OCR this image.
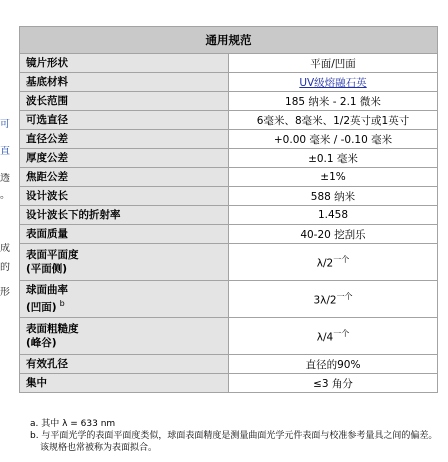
可
直
透
。
成
的
形
通用规范	
镜片形状	平面/凹面
基底材料	UV级熔融石英
波长范围	185 纳米 - 2.1 微米
可选直径	6毫米、8毫米、1/2英寸或1英寸
直径公差	+0.00 毫米 / -0.10 毫米
厚度公差	±0.1 毫米
焦距公差	±1%
设计波长	588 纳米
设计波长下的折射率	1.458
表面质量	40-20 挖刮乐
表面平面度
(平面侧)	$\lambda/2^{一个}$
球面曲率
(凹面) $^b$	$3\lambda/2^{一个}$
表面粗糙度
(峰谷)	$\lambda/4^{一个}$
有效孔径	直径的90%
集中	≤3 角分
a. 其中 λ = 633 nm
b. 与平面光学的表面平面度类似，球面表面精度是测量曲面光学元件表面与校准参考量具之间的偏差。该规格也常被称为表面拟合。
